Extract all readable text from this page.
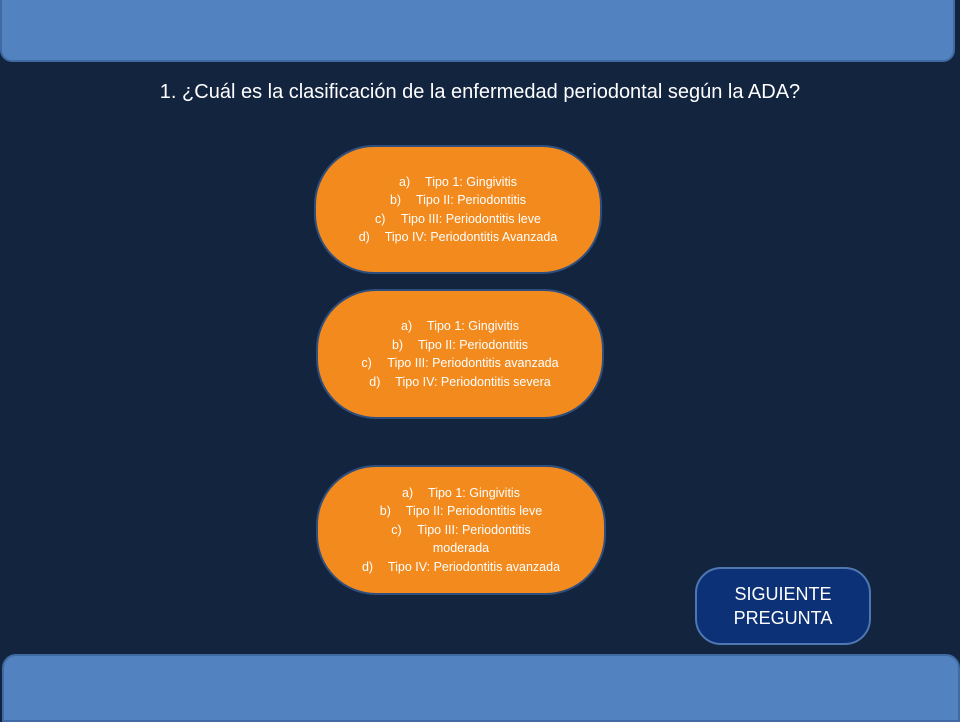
1. ¿Cuál es la clasificación de la enfermedad periodontal según la ADA?
a)	Tipo 1: Gingivitis
b)	Tipo II: Periodontitis
c)	Tipo III: Periodontitis leve
d)	Tipo IV: Periodontitis Avanzada
a)	Tipo 1: Gingivitis
b)	Tipo II: Periodontitis
c)	Tipo III: Periodontitis avanzada
d)	Tipo IV: Periodontitis severa
a)	Tipo 1: Gingivitis
b)	Tipo II: Periodontitis leve
c)	Tipo III: Periodontitis
moderada
d)	Tipo IV: Periodontitis avanzada
SIGUIENTE
PREGUNTA
